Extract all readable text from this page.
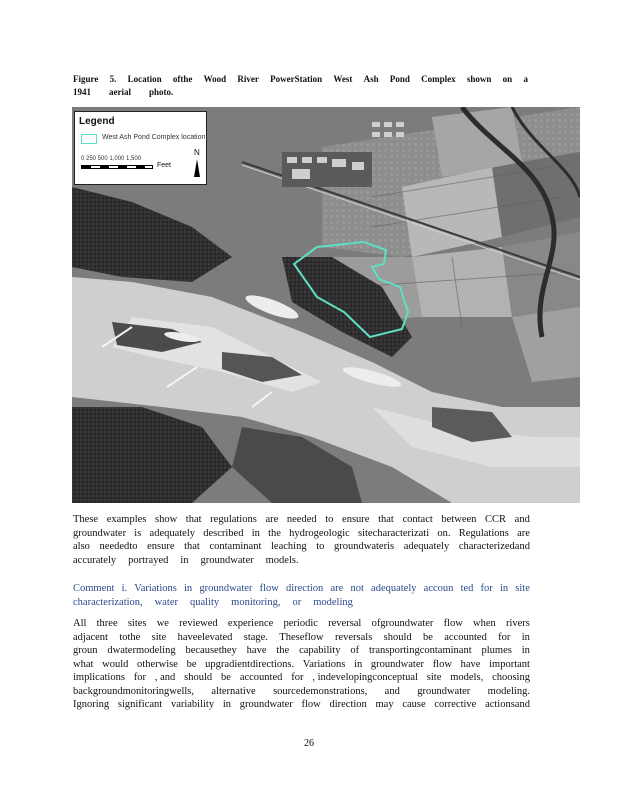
Figure 5. Location ofthe Wood River PowerStation West Ash Pond Complex shown on a
1941 aerial photo.
Legend
West Ash Pond Complex location
0 250 500 1,000 1,500
Feet
N
These examples show that regulations are needed to ensure that contact between CCR and
groundwater is adequately described in the hydrogeologic sitecharacterizati on. Regulations are
also neededto ensure that contaminant leaching to groundwateris adequately characterizedand
accurately portrayed in groundwater models.
Comment i. Variations in groundwater flow direction are not adequately accoun ted for in site
characterization, water quality monitoring, or modeling
All three sites we reviewed experience periodic reversal ofgroundwater flow when rivers
adjacent tothe site haveelevated stage. Theseflow reversals should be accounted for in
groun dwatermodeling becausethey have the capability of transportingcontaminant plumes in
what would otherwise be upgradientdirections. Variations in groundwater flow have important
implications for , and should be accounted for , indevelopingconceptual site models, choosing
backgroundmonitoringwells, alternative sourcedemonstrations, and groundwater modeling.
Ignoring significant variability in groundwater flow direction may cause corrective actionsand
26
